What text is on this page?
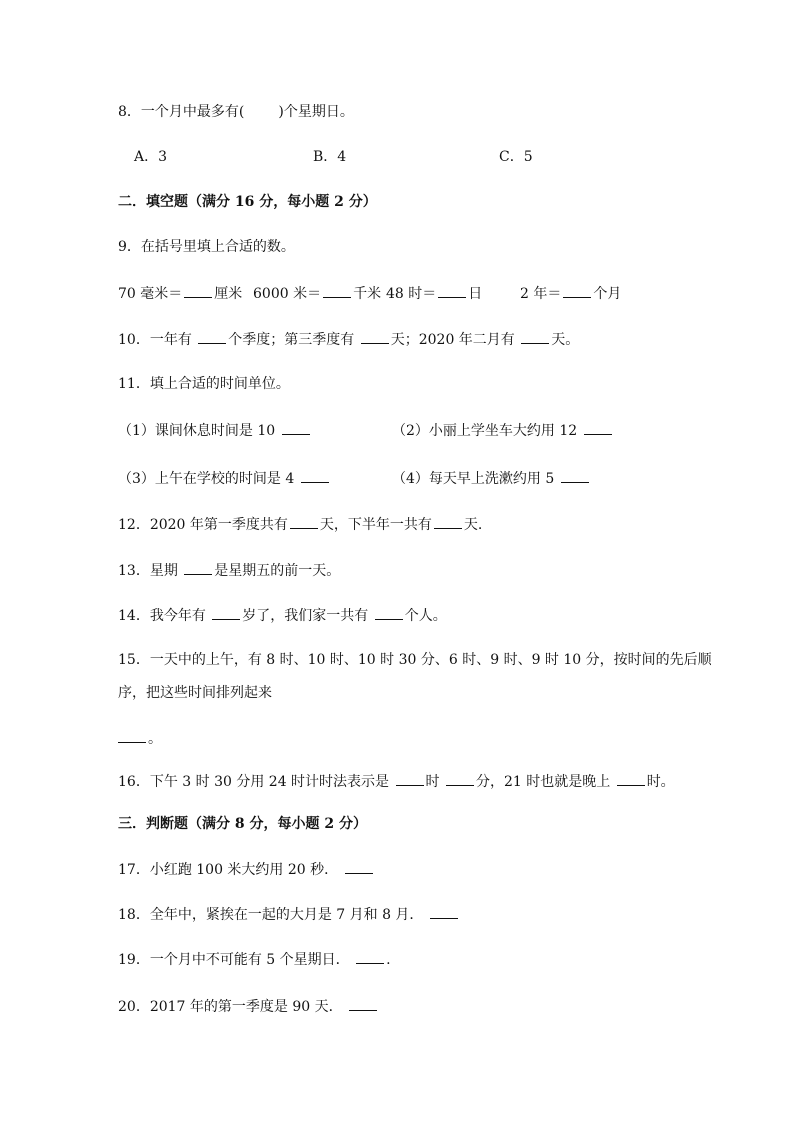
8．一个月中最多有( )个星期日。
A．3	B．4	C．5
二．填空题（满分 16 分，每小题 2 分）
9．在括号里填上合适的数。
70 毫米＝ 厘米 6000 米＝ 千米 48 时＝ 日	2 年＝ 个月
10．一年有 个季度；第三季度有 天；2020 年二月有 天。
11．填上合适的时间单位。
（1）课间休息时间是 10	（2）小丽上学坐车大约用 12
（3）上午在学校的时间是 4	（4）每天早上洗漱约用 5
12．2020 年第一季度共有 天，下半年一共有 天.
13．星期 是星期五的前一天。
14．我今年有 岁了，我们家一共有 个人。
15．一天中的上午，有 8 时、10 时、10 时 30 分、6 时、9 时、9 时 10 分，按时间的先后顺
序，把这些时间排列起来
。
16．下午 3 时 30 分用 24 时计时法表示是 时 分，21 时也就是晚上 时。
三．判断题（满分 8 分，每小题 2 分）
17．小红跑 100 米大约用 20 秒．
18．全年中，紧挨在一起的大月是 7 月和 8 月．
19．一个月中不可能有 5 个星期日．	.
20．2017 年的第一季度是 90 天．
